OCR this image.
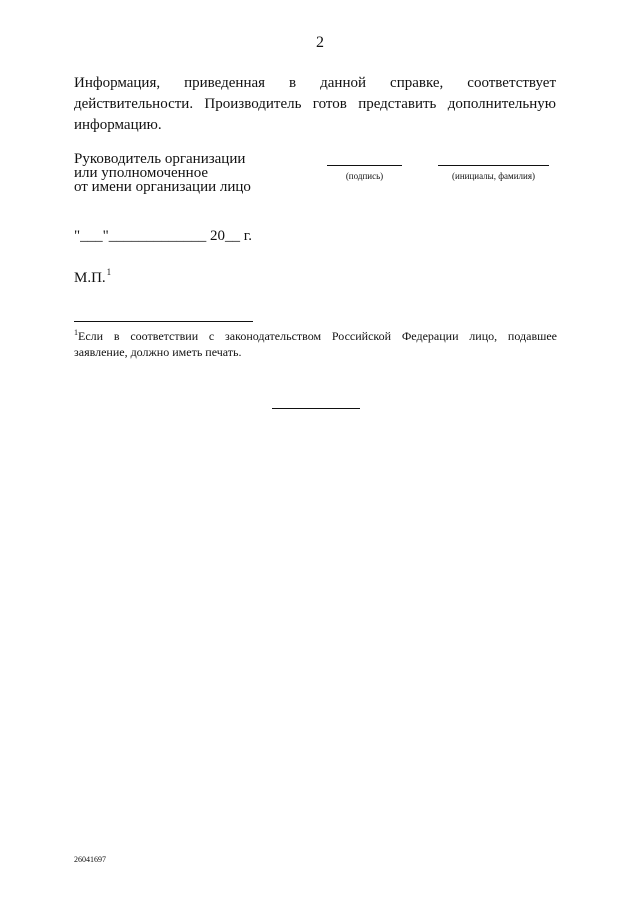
2
Информация, приведенная в данной справке, соответствует
действительности. Производитель готов представить дополнительную
информацию.
Руководитель организации
или уполномоченное
от имени организации лицо
(подпись)	(инициалы, фамилия)
"___"_____________ 20__ г.
М.П.$^1$
$^1$Если в соответствии с законодательством Российской Федерации лицо, подавшее
заявление, должно иметь печать.
26041697
